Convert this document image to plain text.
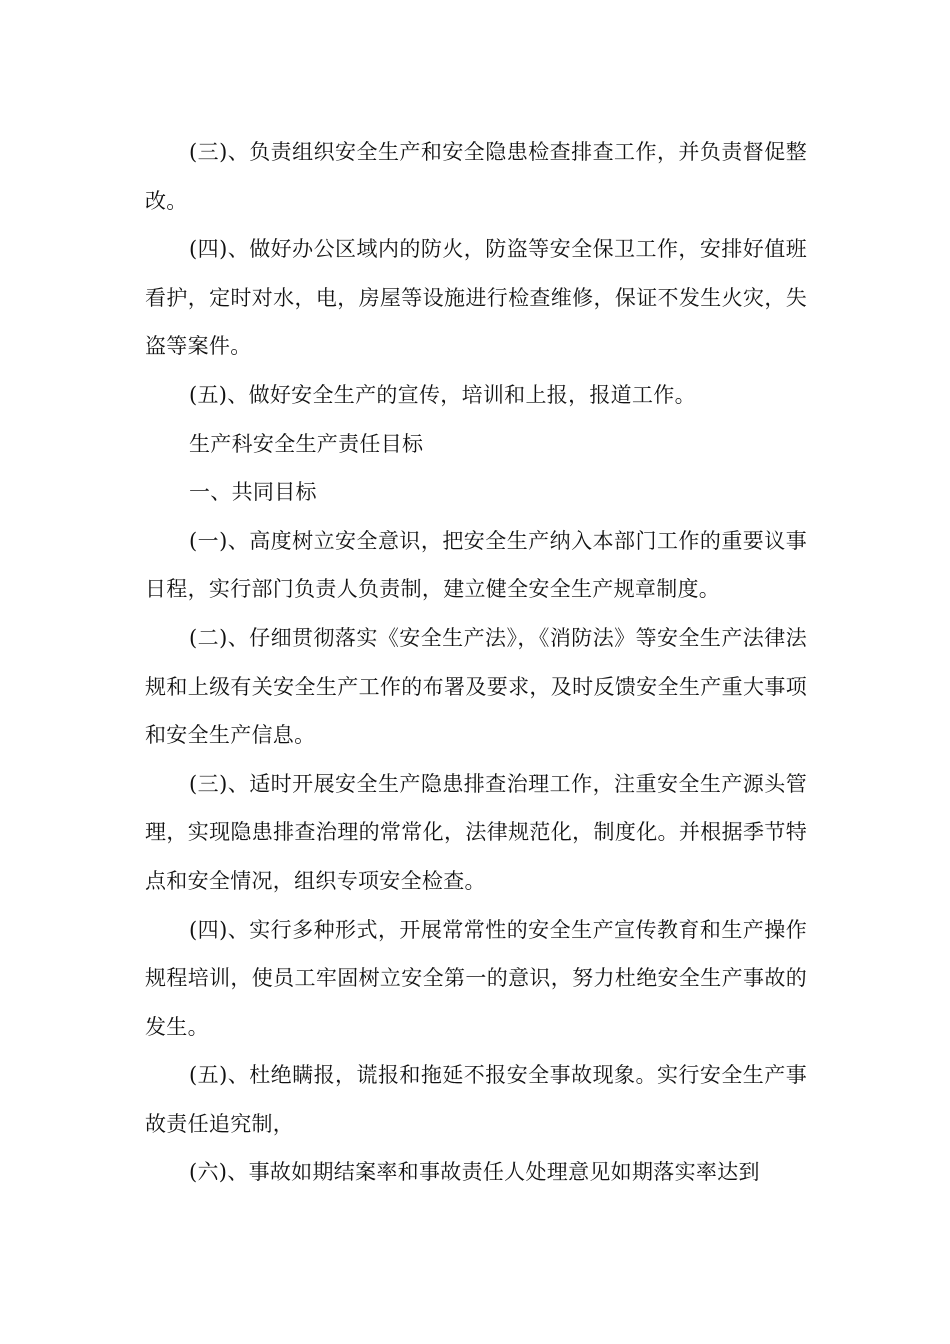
(三)、负责组织安全生产和安全隐患检查排查工作，并负责督促整改。

(四)、做好办公区域内的防火，防盗等安全保卫工作，安排好值班看护，定时对水，电，房屋等设施进行检查维修，保证不发生火灾，失盗等案件。

(五)、做好安全生产的宣传，培训和上报，报道工作。

生产科安全生产责任目标

一、共同目标

(一)、高度树立安全意识，把安全生产纳入本部门工作的重要议事日程，实行部门负责人负责制，建立健全安全生产规章制度。

(二)、仔细贯彻落实《安全生产法》，《消防法》等安全生产法律法规和上级有关安全生产工作的布署及要求，及时反馈安全生产重大事项和安全生产信息。

(三)、适时开展安全生产隐患排查治理工作，注重安全生产源头管理，实现隐患排查治理的常常化，法律规范化，制度化。并根据季节特点和安全情况，组织专项安全检查。

(四)、实行多种形式，开展常常性的安全生产宣传教育和生产操作规程培训，使员工牢固树立安全第一的意识，努力杜绝安全生产事故的发生。

(五)、杜绝瞒报，谎报和拖延不报安全事故现象。实行安全生产事故责任追究制，

(六)、事故如期结案率和事故责任人处理意见如期落实率达到
